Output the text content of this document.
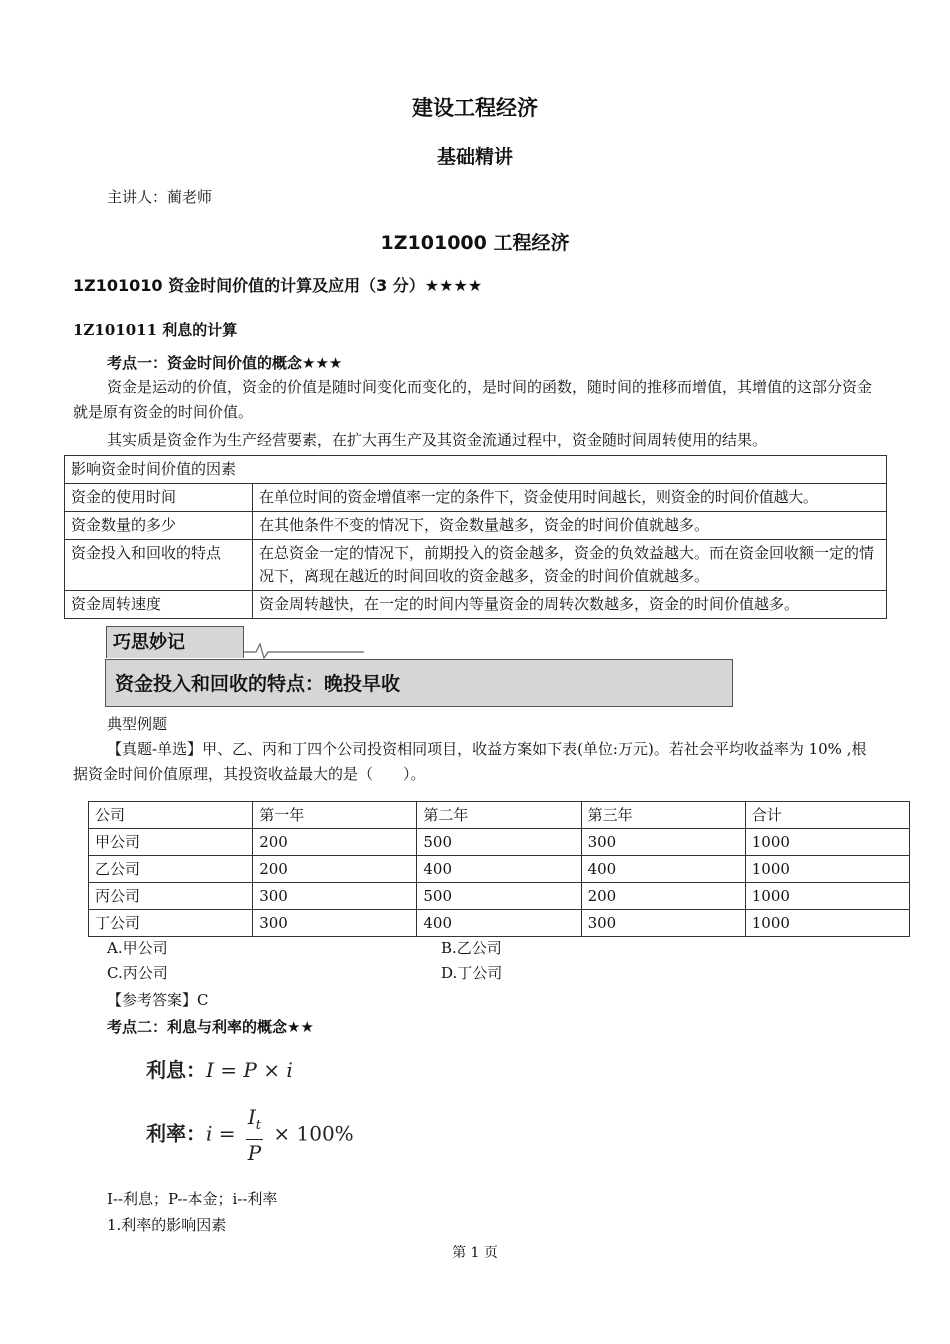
建设工程经济
基础精讲
主讲人：蔺老师
1Z101000 工程经济
1Z101010 资金时间价值的计算及应用（3 分）★★★★
1Z101011 利息的计算
考点一：资金时间价值的概念★★★

资金是运动的价值，资金的价值是随时间变化而变化的，是时间的函数，随时间的推移而增值，其增值的这部分资金就是原有资金的时间价值。

其实质是资金作为生产经营要素，在扩大再生产及其资金流通过程中，资金随时间周转使用的结果。

影响资金时间价值的因素	
资金的使用时间	在单位时间的资金增值率一定的条件下，资金使用时间越长，则资金的时间价值越大。
资金数量的多少	在其他条件不变的情况下，资金数量越多，资金的时间价值就越多。
资金投入和回收的特点	在总资金一定的情况下，前期投入的资金越多，资金的负效益越大。而在资金回收额一定的情况下，离现在越近的时间回收的资金越多，资金的时间价值就越多。
资金周转速度	资金周转越快，在一定的时间内等量资金的周转次数越多，资金的时间价值越多。
巧思妙记
资金投入和回收的特点：晚投早收
典型例题

【真题-单选】甲、乙、丙和丁四个公司投资相同项目，收益方案如下表(单位:万元)。若社会平均收益率为 10% ,根据资金时间价值原理，其投资收益最大的是（　　）。

公司	第一年	第二年	第三年	合计
甲公司	200	500	300	1000
乙公司	200	400	400	1000
丙公司	300	500	200	1000
丁公司	300	400	300	1000
A.甲公司	B.乙公司
C.丙公司	D.丁公司
【参考答案】C
考点二：利息与利率的概念★★
利息：I = P × i
利率：$i = \frac{I_t}{P} \times 100\%$
I--利息；P--本金；i--利率
1.利率的影响因素
第 1 页
